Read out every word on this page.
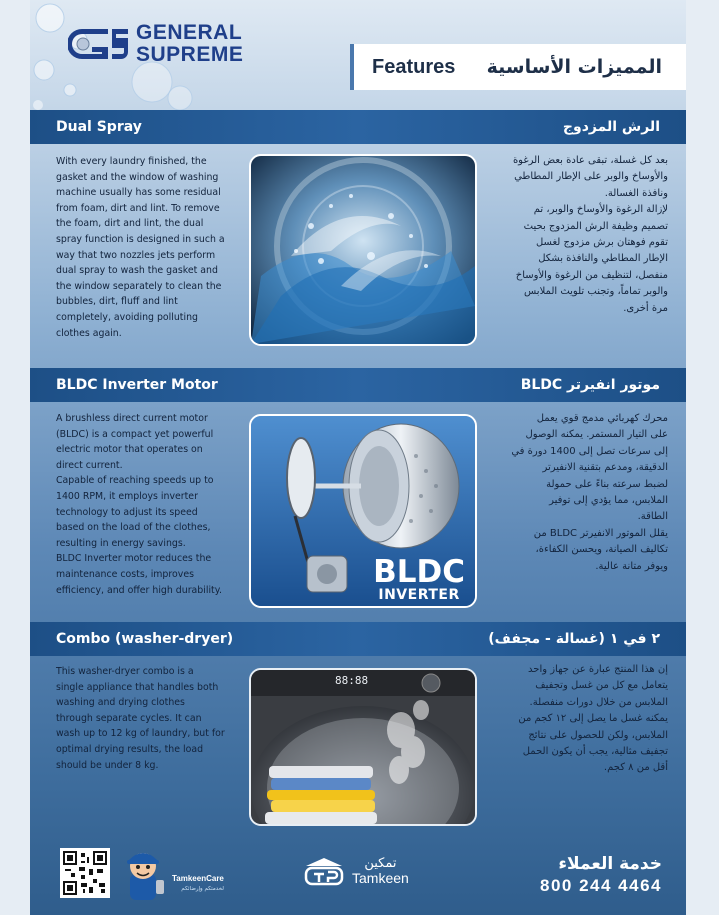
GENERAL
SUPREME
Features المميزات الأساسية
Dual Spray	الرش المزدوج
With every laundry finished, the
gasket and the window of washing
machine usually has some residual
from foam, dirt and lint. To remove
the foam, dirt and lint, the dual
spray function is designed in such a
way that two nozzles jets perform
dual spray to wash the gasket and
the window separately to clean the
bubbles, dirt, fluff and lint
completely, avoiding polluting
clothes again.
بعد كل غسلة، تبقى عادة بعض الرغوة
والأوساخ والوبر على الإطار المطاطي
ونافذة الغسالة.
لإزالة الرغوة والأوساخ والوبر، تم
تصميم وظيفة الرش المزدوج بحيث
تقوم فوهتان برش مزدوج لغسل
الإطار المطاطي والنافذة بشكل
منفصل، لتنظيف من الرغوة والأوساخ
والوبر تماماً، وتجنب تلويث الملابس
مرة أخرى.
BLDC Inverter Motor	موتور انفيرتر BLDC
A brushless direct current motor
(BLDC) is a compact yet powerful
electric motor that operates on
direct current.
Capable of reaching speeds up to
1400 RPM, it employs inverter
technology to adjust its speed
based on the load of the clothes,
resulting in energy savings.
BLDC Inverter motor reduces the
maintenance costs, improves
efficiency, and offer high durability.
محرك كهربائي مدمج قوي يعمل
على التيار المستمر. يمكنه الوصول
إلى سرعات تصل إلى 1400 دورة في
الدقيقة، ومدعم بتقنية الانفيرتر
لضبط سرعته بناءً على حمولة
الملابس، مما يؤدي إلى توفير
الطاقة.
يقلل الموتور الانفيرتر BLDC من
تكاليف الصيانة، ويحسن الكفاءة،
ويوفر متانة عالية.
BLDC
INVERTER
Combo (washer-dryer)	٢ في ١ (غسالة - مجفف)
This washer-dryer combo is a
single appliance that handles both
washing and drying clothes
through separate cycles. It can
wash up to 12 kg of laundry, but for
optimal drying results, the load
should be under 8 kg.
إن هذا المنتج عبارة عن جهاز واحد
يتعامل مع كل من غسل وتجفيف
الملابس من خلال دورات منفصلة.
يمكنه غسل ما يصل إلى ١٢ كجم من
الملابس، ولكن للحصول على نتائج
تجفيف مثالية، يجب أن يكون الحمل
أقل من ٨ كجم.
88:88
TamkeenCare
لخدمتكم وإرضائكم
تمكين
Tamkeen
خدمة العملاء
800 244 4464
